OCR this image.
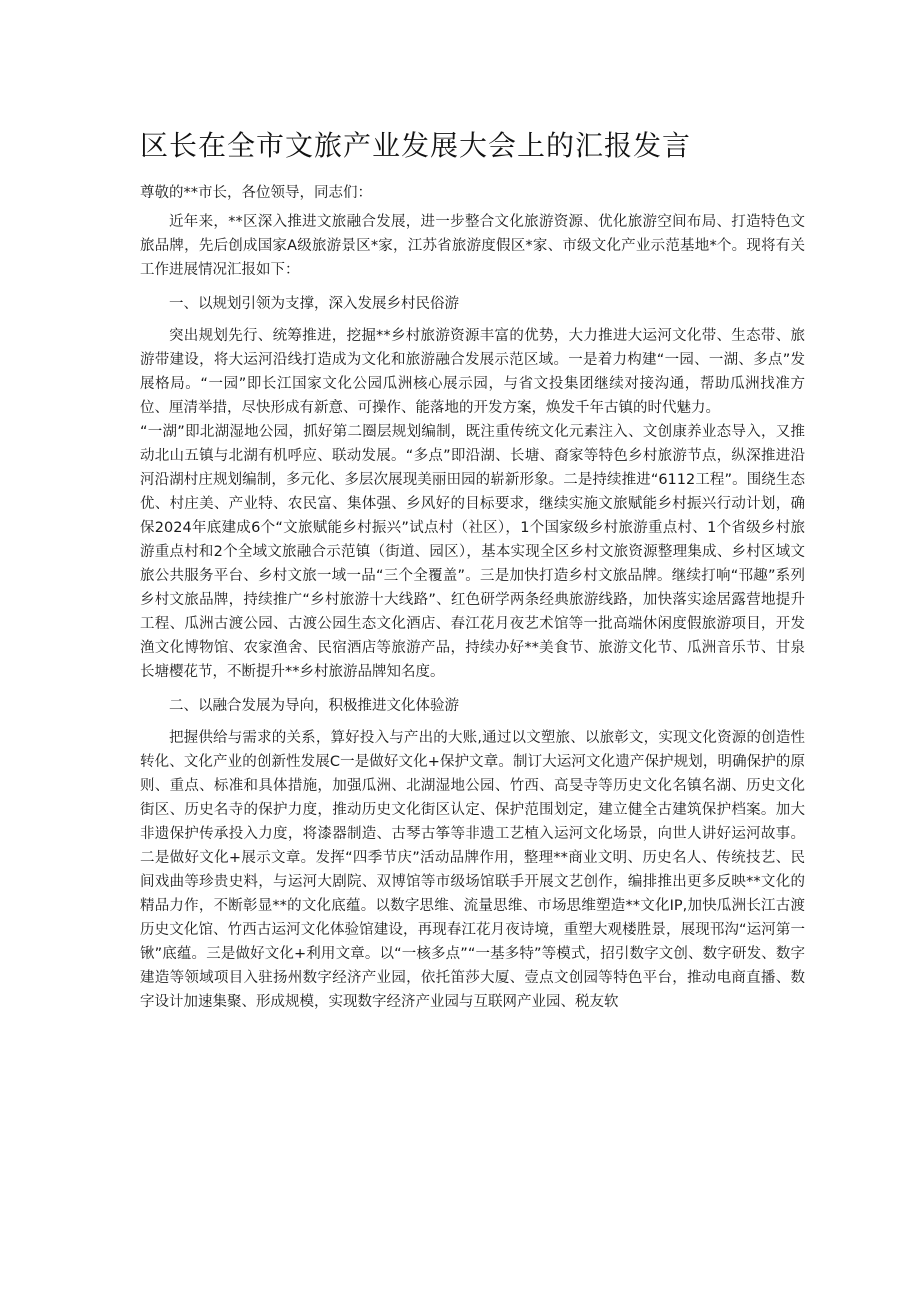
区长在全市文旅产业发展大会上的汇报发言

尊敬的**市长，各位领导，同志们：

近年来，**区深入推进文旅融合发展，进一步整合文化旅游资源、优化旅游空间布局、打造特色文旅品牌，先后创成国家A级旅游景区*家，江苏省旅游度假区*家、市级文化产业示范基地*个。现将有关工作进展情况汇报如下：

一、以规划引领为支撑，深入发展乡村民俗游

突出规划先行、统筹推进，挖掘**乡村旅游资源丰富的优势，大力推进大运河文化带、生态带、旅游带建设，将大运河沿线打造成为文化和旅游融合发展示范区域。一是着力构建“一园、一湖、多点”发展格局。“一园”即长江国家文化公园瓜洲核心展示园，与省文投集团继续对接沟通，帮助瓜洲找准方位、厘清举措，尽快形成有新意、可操作、能落地的开发方案，焕发千年古镇的时代魅力。

“一湖”即北湖湿地公园，抓好第二圈层规划编制，既注重传统文化元素注入、文创康养业态导入，又推动北山五镇与北湖有机呼应、联动发展。“多点”即沿湖、长塘、裔家等特色乡村旅游节点，纵深推进沿河沿湖村庄规划编制，多元化、多层次展现美丽田园的崭新形象。二是持续推进“6112工程”。围绕生态优、村庄美、产业特、农民富、集体强、乡风好的目标要求，继续实施文旅赋能乡村振兴行动计划，确保2024年底建成6个“文旅赋能乡村振兴”试点村（社区），1个国家级乡村旅游重点村、1个省级乡村旅游重点村和2个全域文旅融合示范镇（街道、园区），基本实现全区乡村文旅资源整理集成、乡村区域文旅公共服务平台、乡村文旅一域一品“三个全覆盖”。三是加快打造乡村文旅品牌。继续打响“邗趣”系列乡村文旅品牌，持续推广“乡村旅游十大线路”、红色研学两条经典旅游线路，加快落实途居露营地提升工程、瓜洲古渡公园、古渡公园生态文化酒店、春江花月夜艺术馆等一批高端休闲度假旅游项目，开发渔文化博物馆、农家渔舍、民宿酒店等旅游产品，持续办好**美食节、旅游文化节、瓜洲音乐节、甘泉长塘樱花节，不断提升**乡村旅游品牌知名度。

二、以融合发展为导向，积极推进文化体验游

把握供给与需求的关系，算好投入与产出的大账,通过以文塑旅、以旅彰文，实现文化资源的创造性转化、文化产业的创新性发展C一是做好文化+保护文章。制订大运河文化遗产保护规划，明确保护的原则、重点、标准和具体措施，加强瓜洲、北湖湿地公园、竹西、高旻寺等历史文化名镇名湖、历史文化街区、历史名寺的保护力度，推动历史文化街区认定、保护范围划定，建立健全古建筑保护档案。加大非遗保护传承投入力度，将漆器制造、古琴古筝等非遗工艺植入运河文化场景，向世人讲好运河故事。二是做好文化+展示文章。发挥“四季节庆”活动品牌作用，整理**商业文明、历史名人、传统技艺、民间戏曲等珍贵史料，与运河大剧院、双博馆等市级场馆联手开展文艺创作，编排推出更多反映**文化的精品力作，不断彰显**的文化底蕴。以数字思维、流量思维、市场思维塑造**文化IP,加快瓜洲长江古渡历史文化馆、竹西古运河文化体验馆建设，再现春江花月夜诗境，重塑大观楼胜景，展现邗沟“运河第一锹”底蕴。三是做好文化+利用文章。以“一核多点”“一基多特”等模式，招引数字文创、数字研发、数字建造等领域项目入驻扬州数字经济产业园，依托笛莎大厦、壹点文创园等特色平台，推动电商直播、数字设计加速集聚、形成规模，实现数字经济产业园与互联网产业园、税友软
